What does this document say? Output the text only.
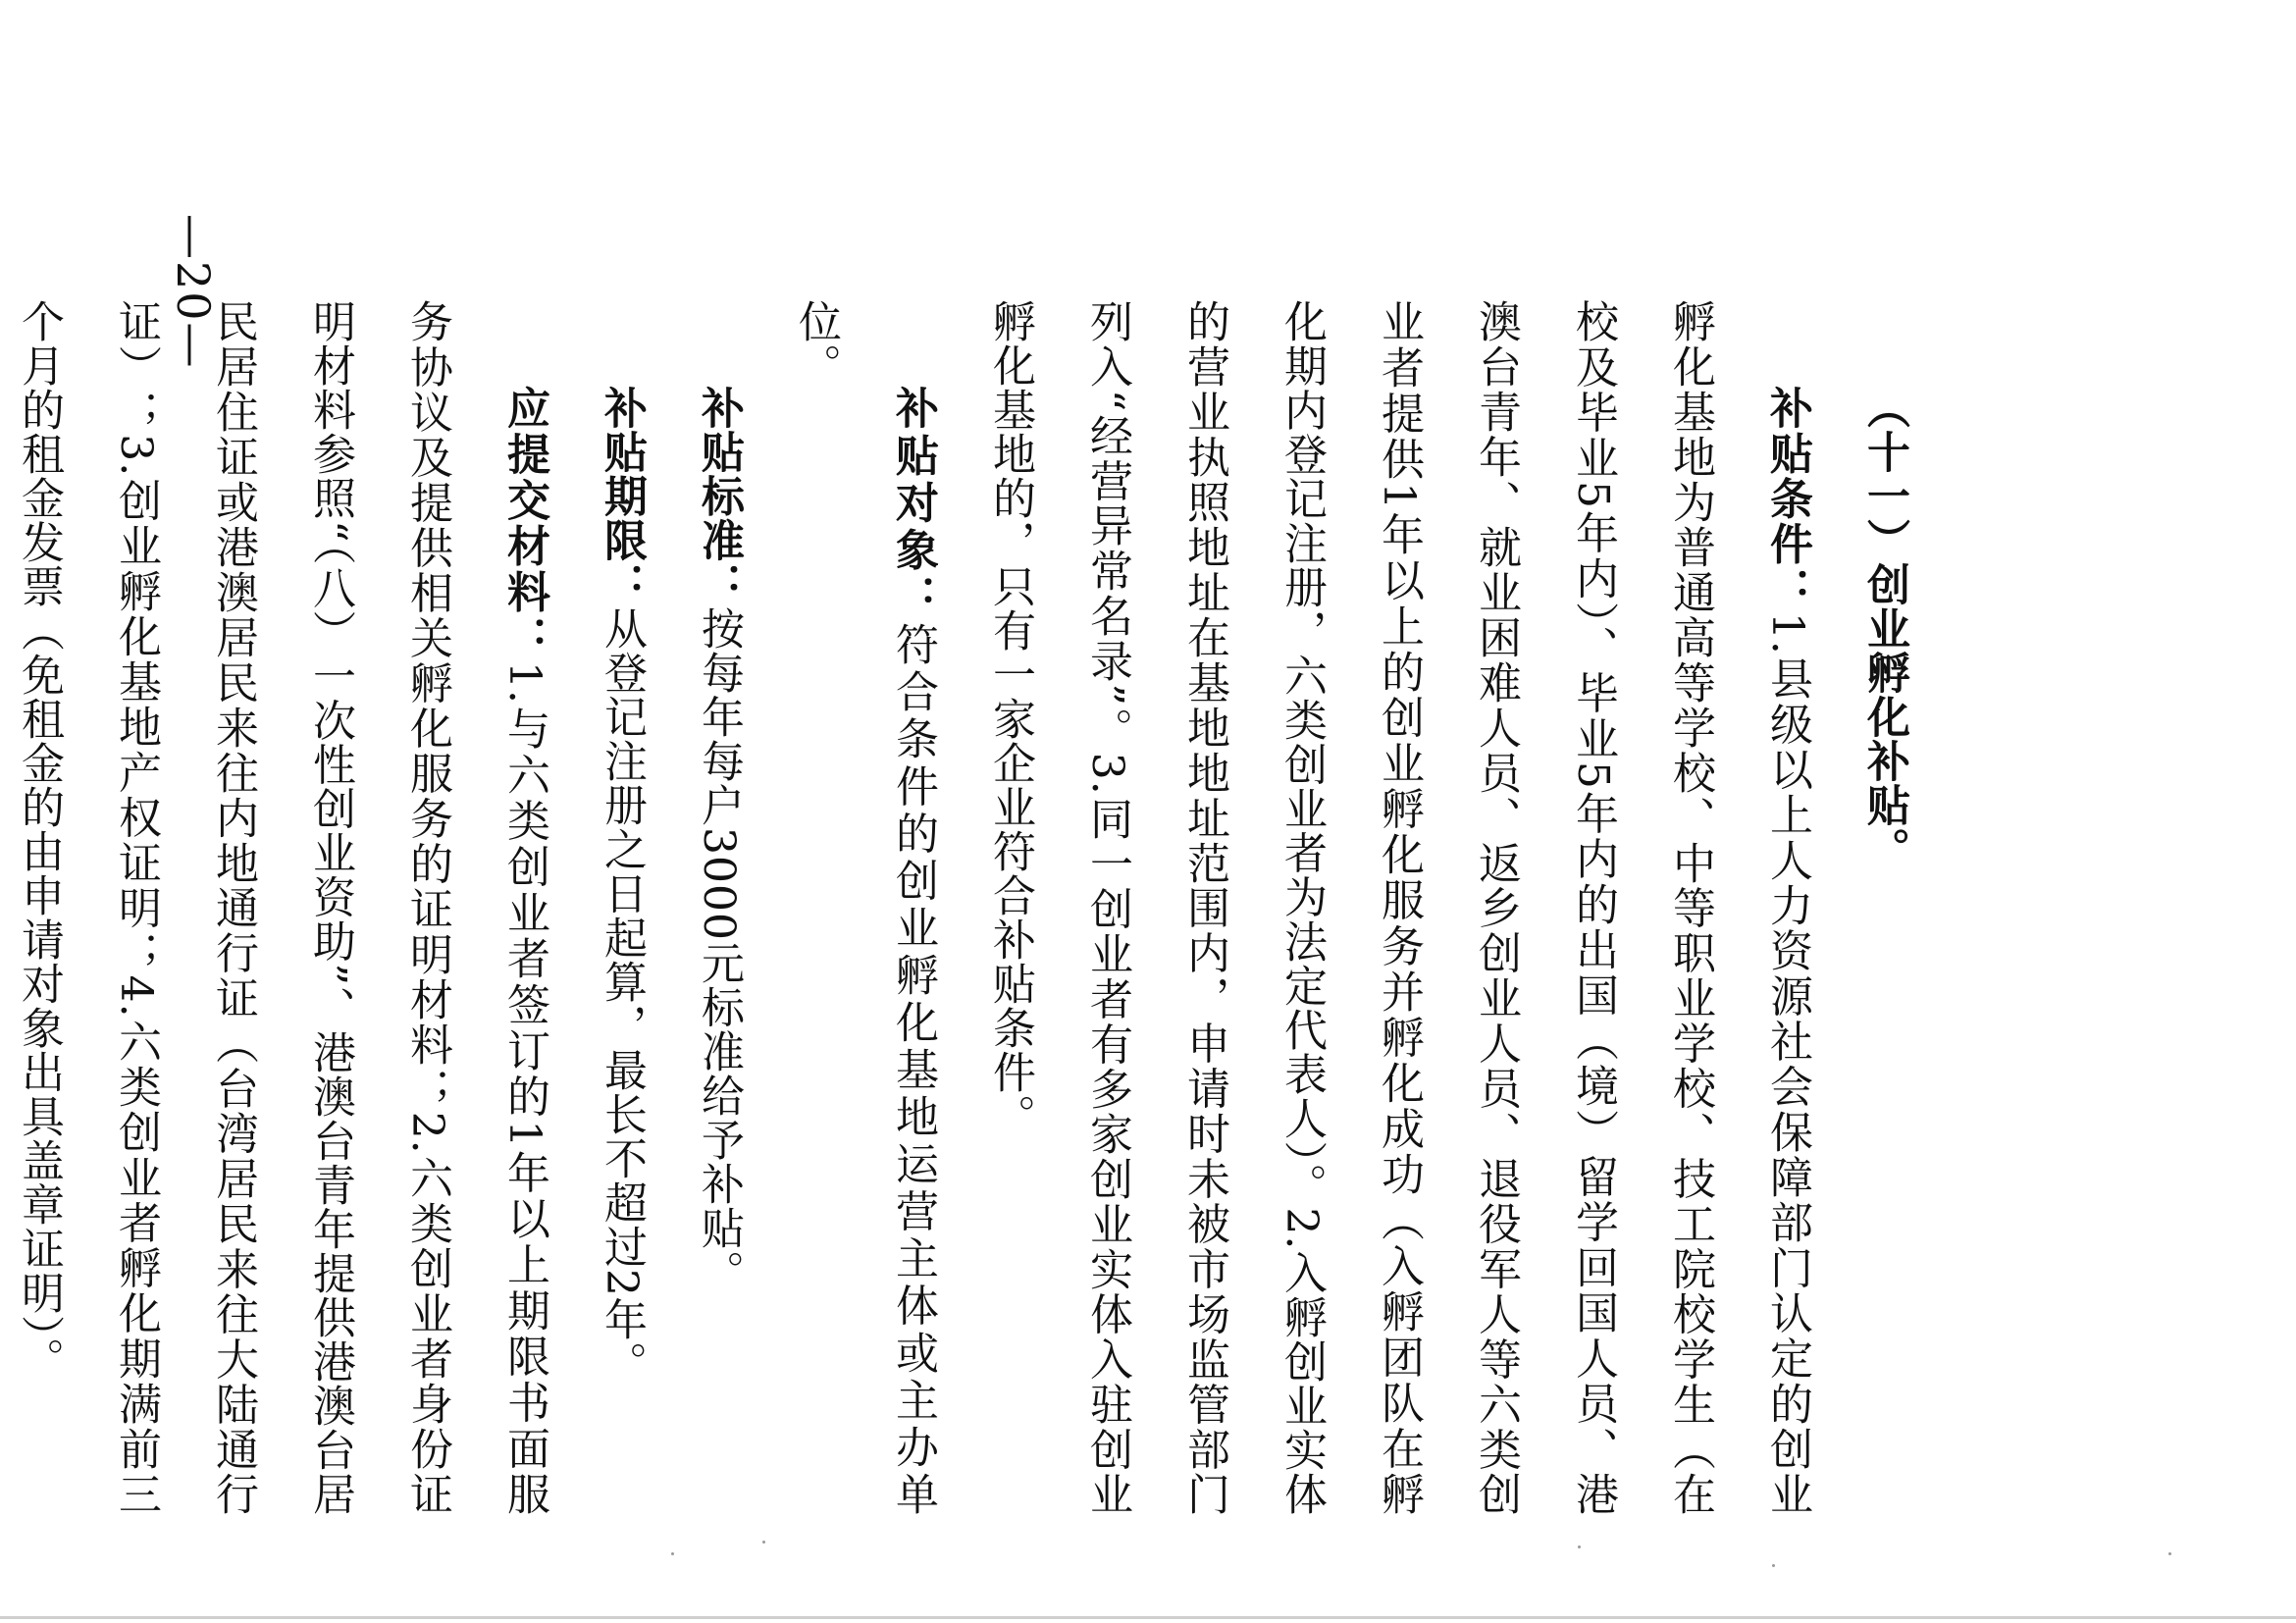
（十一）创业孵化补贴。

补贴条件：1.县级以上人力资源社会保障部门认定的创业孵化基地为普通高等学校、中等职业学校、技工院校学生（在校及毕业5年内）、毕业5年内的出国（境）留学回国人员、港澳台青年、就业困难人员、返乡创业人员、退役军人等六类创业者提供1年以上的创业孵化服务并孵化成功（入孵团队在孵化期内登记注册，六类创业者为法定代表人）。2.入孵创业实体的营业执照地址在基地地址范围内，申请时未被市场监管部门列入“经营异常名录”。3.同一创业者有多家创业实体入驻创业孵化基地的，只有一家企业符合补贴条件。

补贴对象：符合条件的创业孵化基地运营主体或主办单位。

补贴标准：按每年每户3000元标准给予补贴。

补贴期限：从登记注册之日起算，最长不超过2年。

应提交材料：1.与六类创业者签订的1年以上期限书面服务协议及提供相关孵化服务的证明材料；2.六类创业者身份证明材料参照“（八）一次性创业资助”、港澳台青年提供港澳台居民居住证或港澳居民来往内地通行证（台湾居民来往大陆通行证）；3.创业孵化基地产权证明；4.六类创业者孵化期满前三个月的租金发票（免租金的由申请对象出具盖章证明）。

—20—
